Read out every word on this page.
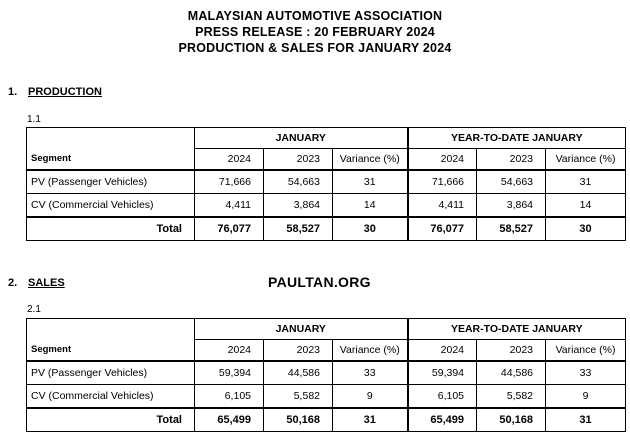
MALAYSIAN AUTOMOTIVE ASSOCIATION
PRESS RELEASE : 20 FEBRUARY 2024
PRODUCTION & SALES FOR JANUARY 2024
1. PRODUCTION
1.1
	JANUARY			YEAR-TO-DATE JANUARY		
Segment	2024	2023	Variance (%)	2024	2023	Variance (%)
PV (Passenger Vehicles)	71,666	54,663	31	71,666	54,663	31
CV (Commercial Vehicles)	4,411	3,864	14	4,411	3,864	14
Total	76,077	58,527	30	76,077	58,527	30
2. SALES	PAULTAN.ORG
2.1
	JANUARY			YEAR-TO-DATE JANUARY		
Segment	2024	2023	Variance (%)	2024	2023	Variance (%)
PV (Passenger Vehicles)	59,394	44,586	33	59,394	44,586	33
CV (Commercial Vehicles)	6,105	5,582	9	6,105	5,582	9
Total	65,499	50,168	31	65,499	50,168	31
